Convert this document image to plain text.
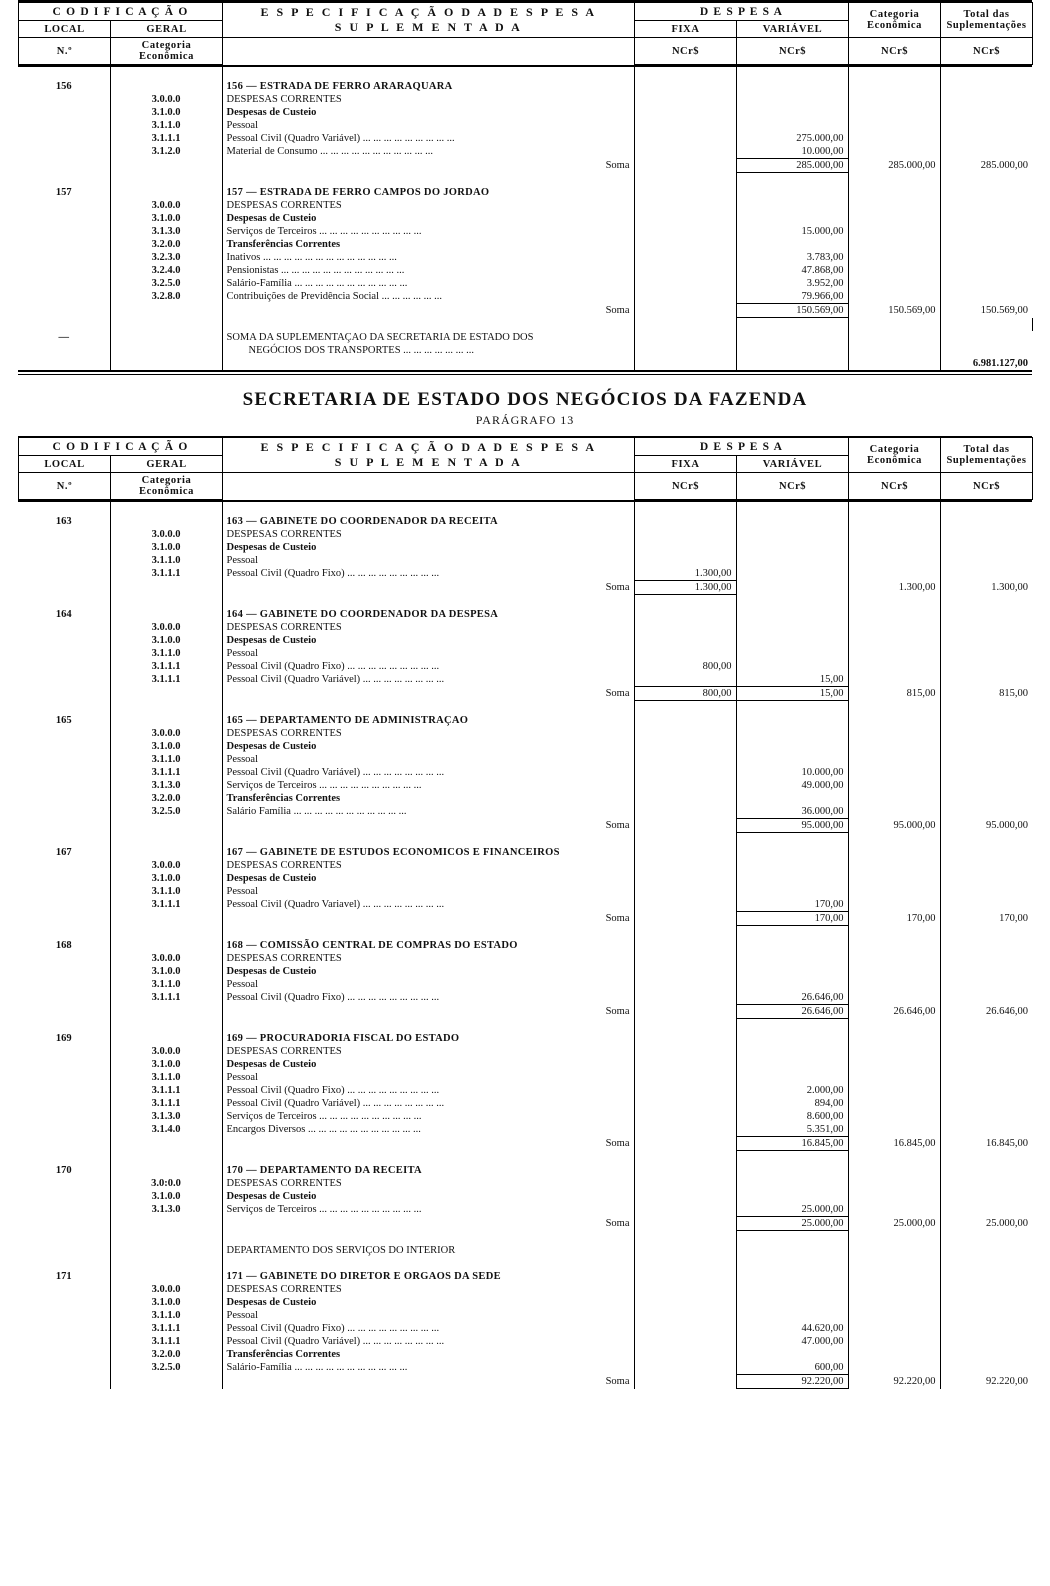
C O D I F I C A Ç Ã O	E S P E C I F I C A Ç Ã O D A D E S P E S A
S U P L E M E N T A D A
	D E S P E S A	Categoria
Econômica

Total das
Suplementações

LOCAL	GERAL		FIXA	VARIÁVEL		
N.º	Categoria
Econômica		NCr$	NCr$	NCr$	NCr$

156		156 — ESTRADA DE FERRO ARARAQUARA				
	3.0.0.0	DESPESAS CORRENTES				
	3.1.0.0	Despesas de Custeio				
	3.1.1.0	Pessoal				
	3.1.1.1	Pessoal Civil (Quadro Variável) ... ... ... ... ... ... ... ... ...		275.000,00		
	3.1.2.0	Material de Consumo ... ... ... ... ... ... ... ... ... ... ...		10.000,00		
		Soma		285.000,00	285.000,00	285.000,00

157		157 — ESTRADA DE FERRO CAMPOS DO JORDAO				
	3.0.0.0	DESPESAS CORRENTES				
	3.1.0.0	Despesas de Custeio				
	3.1.3.0	Serviços de Terceiros ... ... ... ... ... ... ... ... ... ...		15.000,00		
	3.2.0.0	Transferências Correntes				
	3.2.3.0	Inativos ... ... ... ... ... ... ... ... ... ... ... ... ...		3.783,00		
	3.2.4.0	Pensionistas ... ... ... ... ... ... ... ... ... ... ... ...		47.868,00		
	3.2.5.0	Salário-Família ... ... ... ... ... ... ... ... ... ... ...		3.952,00		
	3.2.8.0	Contribuições de Previdência Social ... ... ... ... ... ...		79.966,00		
		Soma		150.569,00	150.569,00	150.569,00

—		SOMA DA SUPLEMENTAÇAO DA SECRETARIA DE ESTADO DOS
NEGÓCIOS DOS TRANSPORTES ... ... ... ... ... ... ...				

						6.981.127,00
SECRETARIA DE ESTADO DOS NEGÓCIOS DA FAZENDA
PARÁGRAFO 13
C O D I F I C A Ç Ã O	E S P E C I F I C A Ç Ã O D A D E S P E S A
S U P L E M E N T A D A
	D E S P E S A	Categoria
Econômica

Total das
Suplementações

LOCAL	GERAL		FIXA	VARIÁVEL		
N.º	Categoria
Econômica		NCr$	NCr$	NCr$	NCr$

163		163 — GABINETE DO COORDENADOR DA RECEITA				
	3.0.0.0	DESPESAS CORRENTES				
	3.1.0.0	Despesas de Custeio				
	3.1.1.0	Pessoal				
	3.1.1.1	Pessoal Civil (Quadro Fixo) ... ... ... ... ... ... ... ... ...	1.300,00			
		Soma	1.300,00		1.300,00	1.300,00

164		164 — GABINETE DO COORDENADOR DA DESPESA				
	3.0.0.0	DESPESAS CORRENTES				
	3.1.0.0	Despesas de Custeio				
	3.1.1.0	Pessoal				
	3.1.1.1	Pessoal Civil (Quadro Fixo) ... ... ... ... ... ... ... ... ...	800,00			
	3.1.1.1	Pessoal Civil (Quadro Variável) ... ... ... ... ... ... ... ...		15,00		
		Soma	800,00	15,00	815,00	815,00

165		165 — DEPARTAMENTO DE ADMINISTRAÇAO				
	3.0.0.0	DESPESAS CORRENTES				
	3.1.0.0	Despesas de Custeio				
	3.1.1.0	Pessoal				
	3.1.1.1	Pessoal Civil (Quadro Variável) ... ... ... ... ... ... ... ...		10.000,00		
	3.1.3.0	Serviços de Terceiros ... ... ... ... ... ... ... ... ... ...		49.000,00		
	3.2.0.0	Transferências Correntes				
	3.2.5.0	Salário Família ... ... ... ... ... ... ... ... ... ... ...		36.000,00		
		Soma		95.000,00	95.000,00	95.000,00

167		167 — GABINETE DE ESTUDOS ECONOMICOS E FINANCEIROS				
	3.0.0.0	DESPESAS CORRENTES				
	3.1.0.0	Despesas de Custeio				
	3.1.1.0	Pessoal				
	3.1.1.1	Pessoal Civil (Quadro Variavel) ... ... ... ... ... ... ... ...		170,00		
		Soma		170,00	170,00	170,00

168		168 — COMISSÃO CENTRAL DE COMPRAS DO ESTADO				
	3.0.0.0	DESPESAS CORRENTES				
	3.1.0.0	Despesas de Custeio				
	3.1.1.0	Pessoal				
	3.1.1.1	Pessoal Civil (Quadro Fixo) ... ... ... ... ... ... ... ... ...		26.646,00		
		Soma		26.646,00	26.646,00	26.646,00

169		169 — PROCURADORIA FISCAL DO ESTADO				
	3.0.0.0	DESPESAS CORRENTES				
	3.1.0.0	Despesas de Custeio				
	3.1.1.0	Pessoal				
	3.1.1.1	Pessoal Civil (Quadro Fixo) ... ... ... ... ... ... ... ... ...		2.000,00		
	3.1.1.1	Pessoal Civil (Quadro Variável) ... ... ... ... ... ... ... ...		894,00		
	3.1.3.0	Serviços de Terceiros ... ... ... ... ... ... ... ... ... ...		8.600,00		
	3.1.4.0	Encargos Diversos ... ... ... ... ... ... ... ... ... ... ...		5.351,00		
		Soma		16.845,00	16.845,00	16.845,00

170		170 — DEPARTAMENTO DA RECEITA				
	3.0:0.0	DESPESAS CORRENTES				
	3.1.0.0	Despesas de Custeio				
	3.1.3.0	Serviços de Terceiros ... ... ... ... ... ... ... ... ... ...		25.000,00		
		Soma		25.000,00	25.000,00	25.000,00

		DEPARTAMENTO DOS SERVIÇOS DO INTERIOR				

171		171 — GABINETE DO DIRETOR E ORGAOS DA SEDE				
	3.0.0.0	DESPESAS CORRENTES				
	3.1.0.0	Despesas de Custeio				
	3.1.1.0	Pessoal				
	3.1.1.1	Pessoal Civil (Quadro Fixo) ... ... ... ... ... ... ... ... ...		44.620,00		
	3.1.1.1	Pessoal Civil (Quadro Variável) ... ... ... ... ... ... ... ...		47.000,00		
	3.2.0.0	Transferências Correntes				
	3.2.5.0	Salário-Família ... ... ... ... ... ... ... ... ... ... ...		600,00		
		Soma		92.220,00	92.220,00	92.220,00
